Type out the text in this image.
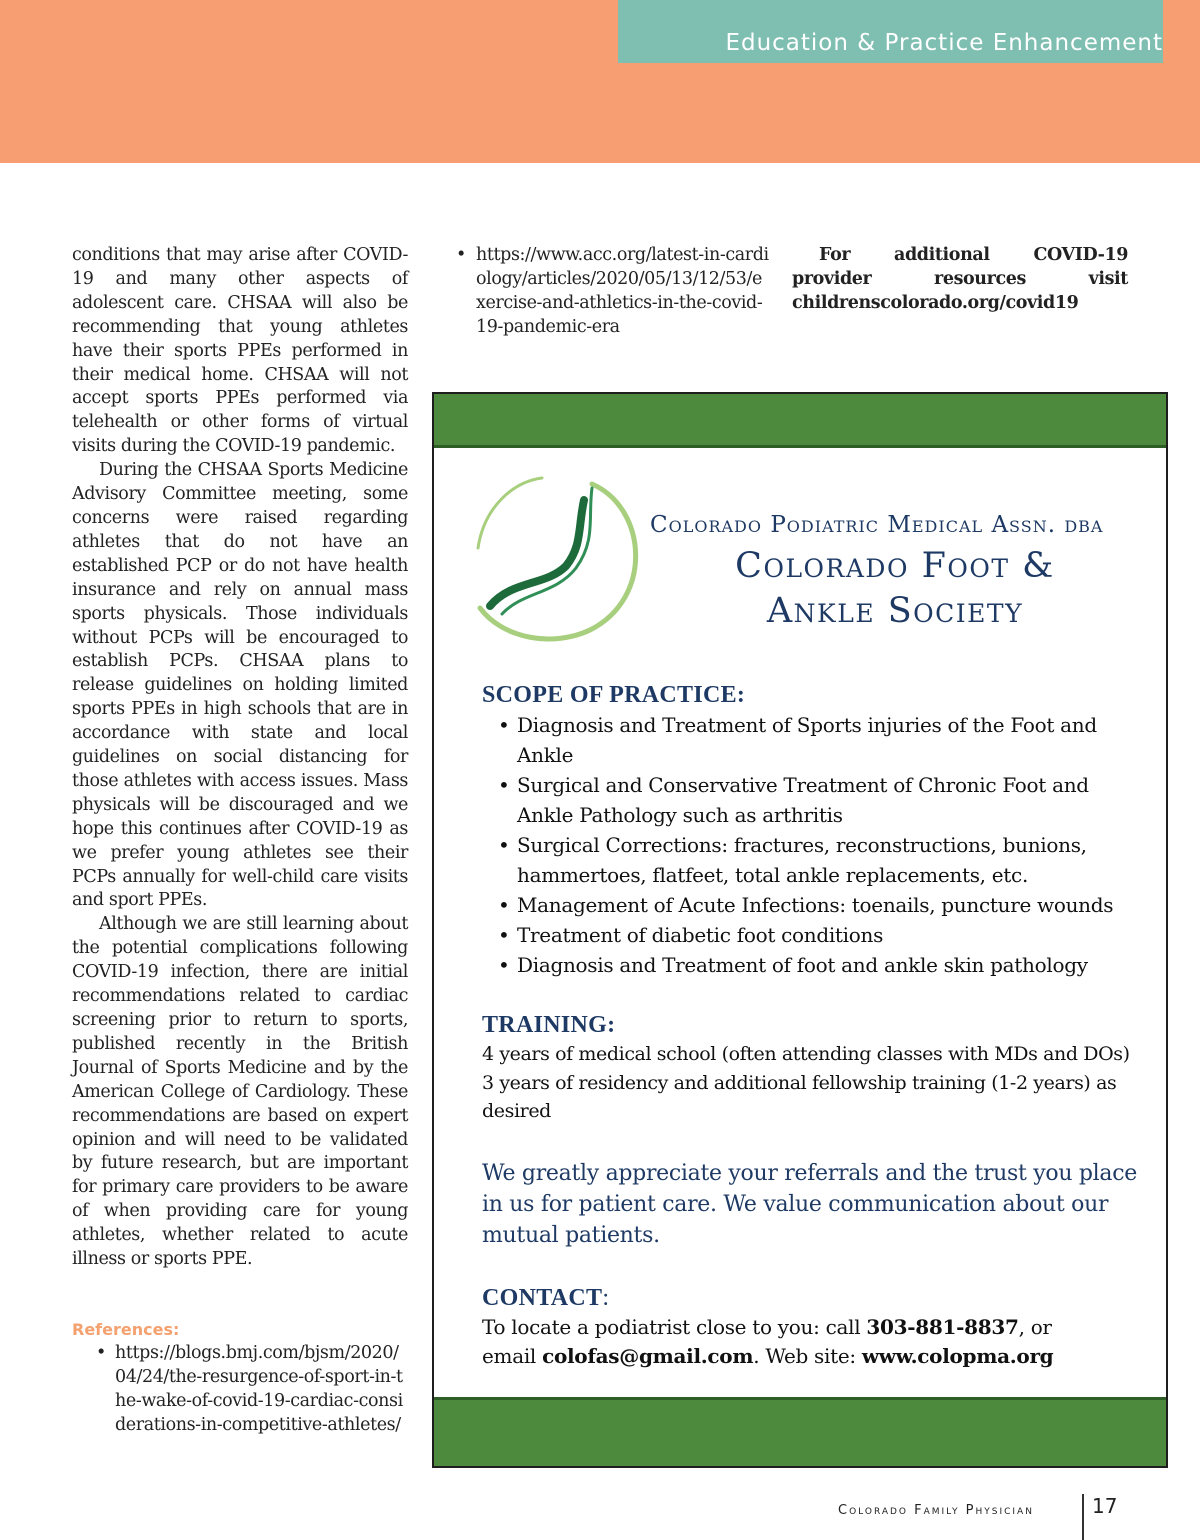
Education & Practice Enhancement

conditions that may arise after COVID-19 and many other aspects of adolescent care. CHSAA will also be recommending that young athletes have their sports PPEs performed in their medical home. CHSAA will not accept sports PPEs performed via telehealth or other forms of virtual visits during the COVID-19 pandemic.

During the CHSAA Sports Medicine Advisory Committee meeting, some concerns were raised regarding athletes that do not have an established PCP or do not have health insurance and rely on annual mass sports physicals. Those individuals without PCPs will be encouraged to establish PCPs. CHSAA plans to release guidelines on holding limited sports PPEs in high schools that are in accordance with state and local guidelines on social distancing for those athletes with access issues. Mass physicals will be discouraged and we hope this continues after COVID-19 as we prefer young athletes see their PCPs annually for well-child care visits and sport PPEs.

Although we are still learning about the potential complications following COVID-19 infection, there are initial recommendations related to cardiac screening prior to return to sports, published recently in the British Journal of Sports Medicine and by the American College of Cardiology. These recommendations are based on expert opinion and will need to be validated by future research, but are important for primary care providers to be aware of when providing care for young athletes, whether related to acute illness or sports PPE.

References:
• https://blogs.bmj.com/bjsm/2020/04/24/the-resurgence-of-sport-in-the-wake-of-covid-19-cardiac-considerations-in-competitive-athletes/
• https://www.acc.org/latest-in-cardiology/articles/2020/05/13/12/53/exercise-and-athletics-in-the-covid-19-pandemic-era

For additional COVID-19 provider resources visit childrenscolorado.org/covid19

Colorado Podiatric Medical Assn. dba
Colorado Foot &
Ankle Society
SCOPE OF PRACTICE:
• Diagnosis and Treatment of Sports injuries of the Foot and Ankle
• Surgical and Conservative Treatment of Chronic Foot and Ankle Pathology such as arthritis
• Surgical Corrections: fractures, reconstructions, bunions, hammertoes, flatfeet, total ankle replacements, etc.
• Management of Acute Infections: toenails, puncture wounds
• Treatment of diabetic foot conditions
• Diagnosis and Treatment of foot and ankle skin pathology
TRAINING:

4 years of medical school (often attending classes with MDs and DOs)

3 years of residency and additional fellowship training (1-2 years) as desired

We greatly appreciate your referrals and the trust you place in us for patient care. We value communication about our mutual patients.

CONTACT:

To locate a podiatrist close to you: call 303-881-8837, or

email colofas@gmail.com. Web site: www.colopma.org

Colorado Family Physician	17
